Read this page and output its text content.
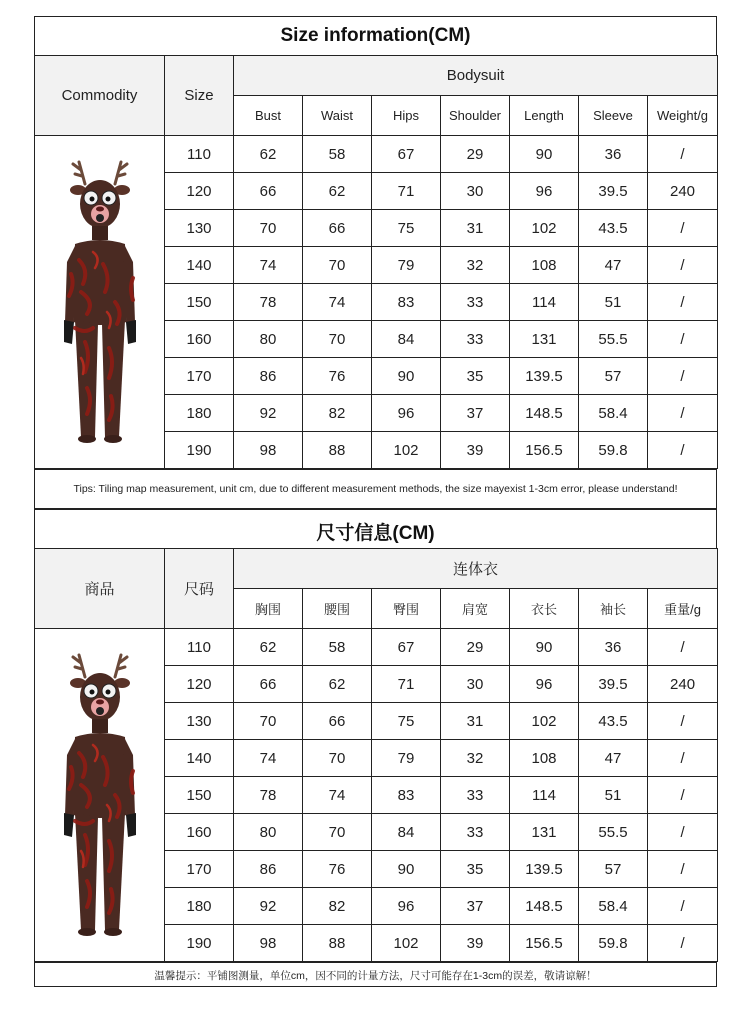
Size information(CM)
Commodity	Size	Bodysuit						
		Bust	Waist	Hips	Shoulder	Length	Sleeve	Weight/g

	110	62	58	67	29	90	36	/
	120	66	62	71	30	96	39.5	240
	130	70	66	75	31	102	43.5	/
	140	74	70	79	32	108	47	/
	150	78	74	83	33	114	51	/
	160	80	70	84	33	131	55.5	/
	170	86	76	90	35	139.5	57	/
	180	92	82	96	37	148.5	58.4	/
	190	98	88	102	39	156.5	59.8	/
Tips: Tiling map measurement, unit cm, due to different measurement methods, the size mayexist 1-3cm error, please understand!
尺寸信息(CM)
商品	尺码	连体衣						
		胸围	腰围	臀围	肩宽	衣长	袖长	重量/g

	110	62	58	67	29	90	36	/
	120	66	62	71	30	96	39.5	240
	130	70	66	75	31	102	43.5	/
	140	74	70	79	32	108	47	/
	150	78	74	83	33	114	51	/
	160	80	70	84	33	131	55.5	/
	170	86	76	90	35	139.5	57	/
	180	92	82	96	37	148.5	58.4	/
	190	98	88	102	39	156.5	59.8	/
温馨提示：平铺图测量，单位cm，因不同的计量方法，尺寸可能存在1-3cm的误差，敬请谅解！
